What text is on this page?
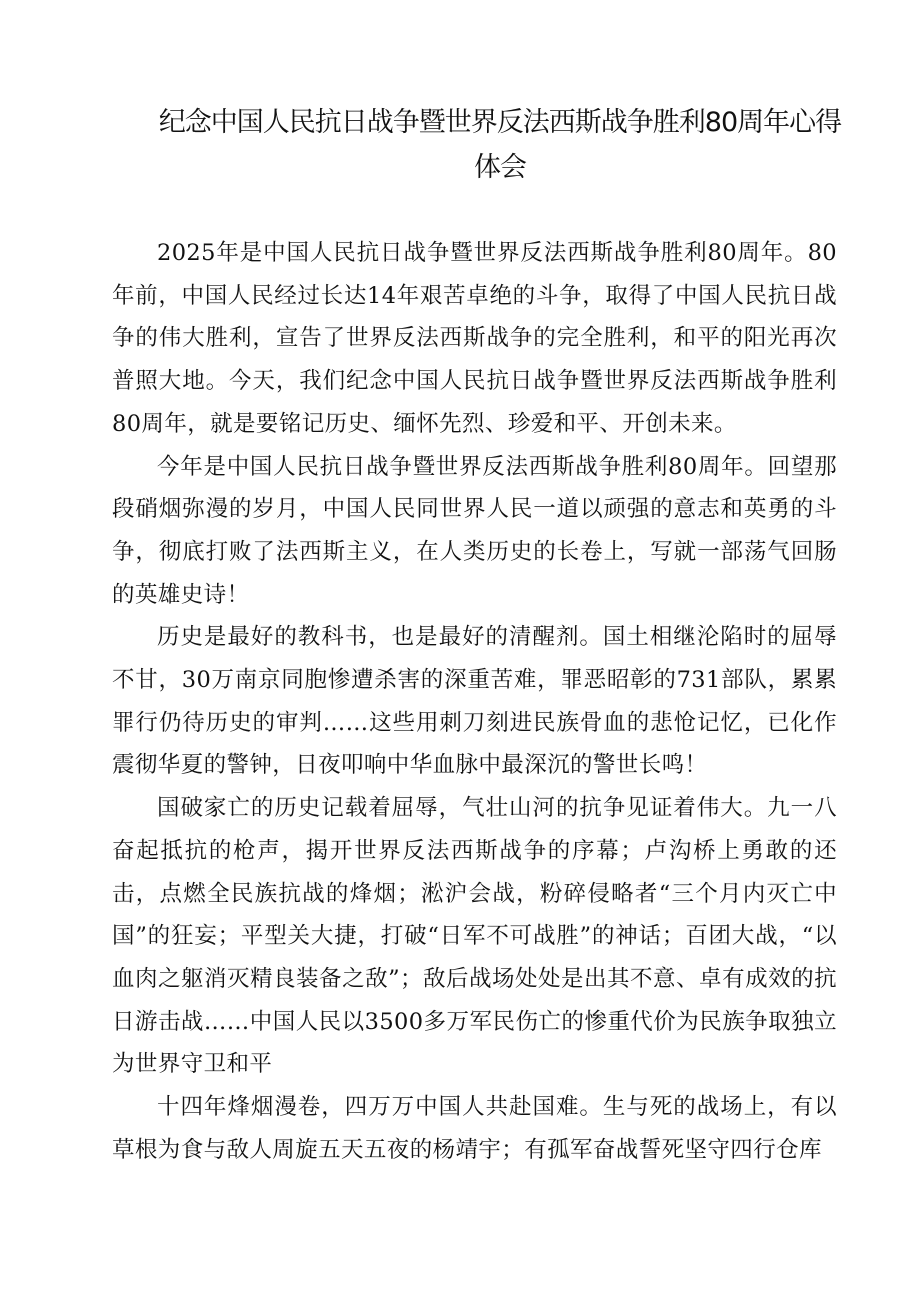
纪念中国人民抗日战争暨世界反法西斯战争胜利80周年心得体会

2025年是中国人民抗日战争暨世界反法西斯战争胜利80周年。80年前，中国人民经过长达14年艰苦卓绝的斗争，取得了中国人民抗日战争的伟大胜利，宣告了世界反法西斯战争的完全胜利，和平的阳光再次普照大地。今天，我们纪念中国人民抗日战争暨世界反法西斯战争胜利80周年，就是要铭记历史、缅怀先烈、珍爱和平、开创未来。

今年是中国人民抗日战争暨世界反法西斯战争胜利80周年。回望那段硝烟弥漫的岁月，中国人民同世界人民一道以顽强的意志和英勇的斗争，彻底打败了法西斯主义，在人类历史的长卷上，写就一部荡气回肠的英雄史诗！

历史是最好的教科书，也是最好的清醒剂。国土相继沦陷时的屈辱不甘，30万南京同胞惨遭杀害的深重苦难，罪恶昭彰的731部队，累累罪行仍待历史的审判……这些用刺刀刻进民族骨血的悲怆记忆，已化作震彻华夏的警钟，日夜叩响中华血脉中最深沉的警世长鸣！

国破家亡的历史记载着屈辱，气壮山河的抗争见证着伟大。九一八奋起抵抗的枪声，揭开世界反法西斯战争的序幕；卢沟桥上勇敢的还击，点燃全民族抗战的烽烟；淞沪会战，粉碎侵略者“三个月内灭亡中国”的狂妄；平型关大捷，打破“日军不可战胜”的神话；百团大战，“以血肉之躯消灭精良装备之敌”；敌后战场处处是出其不意、卓有成效的抗日游击战……中国人民以3500多万军民伤亡的惨重代价为民族争取独立为世界守卫和平

十四年烽烟漫卷，四万万中国人共赴国难。生与死的战场上，有以草根为食与敌人周旋五天五夜的杨靖宇；有孤军奋战誓死坚守四行仓库
